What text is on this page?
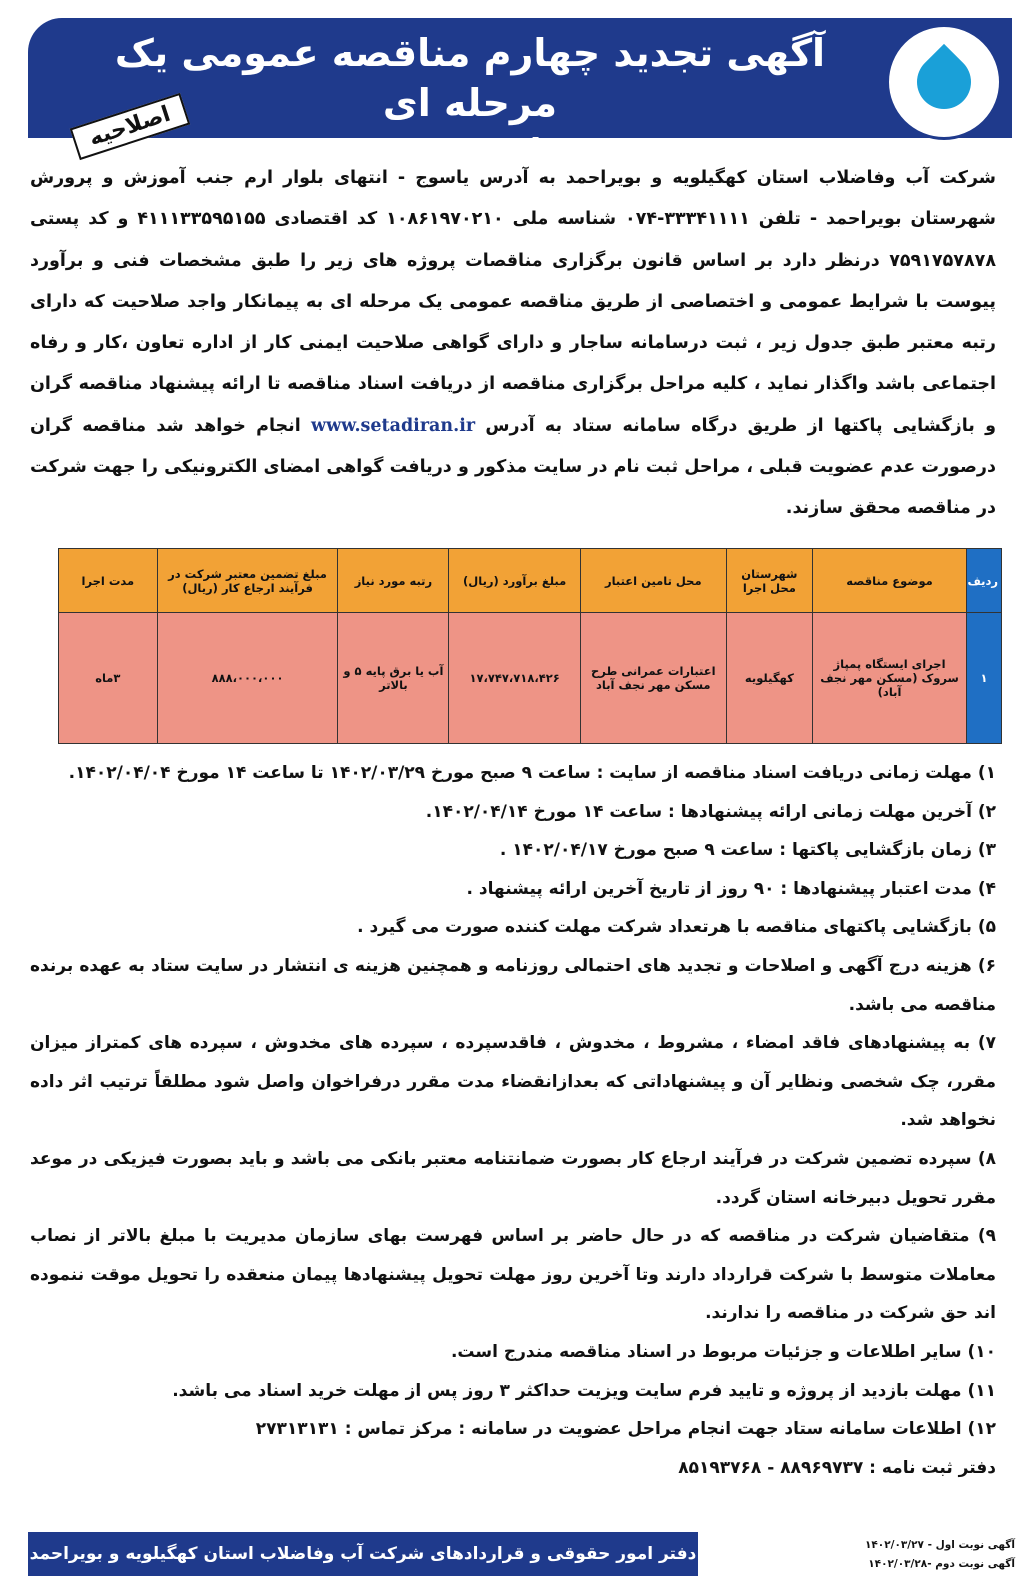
آگهی تجدید چهارم مناقصه عمومی یک مرحله ای
شماره ۱۴۰۱/۰۸
اصلاحیه
شرکت آب وفاضلاب استان کهگیلویه و بویراحمد به آدرس یاسوج - انتهای بلوار ارم جنب آموزش و پرورش شهرستان بویراحمد - تلفن ۳۳۳۴۱۱۱۱-۰۷۴ شناسه ملی ۱۰۸۶۱۹۷۰۲۱۰ کد اقتصادی ۴۱۱۱۳۳۵۹۵۱۵۵ و کد پستی ۷۵۹۱۷۵۷۸۷۸ درنظر دارد بر اساس قانون برگزاری مناقصات پروژه های زیر را طبق مشخصات فنی و برآورد پیوست با شرایط عمومی و اختصاصی از طریق مناقصه عمومی یک مرحله ای به پیمانکار واجد صلاحیت که دارای رتبه معتبر طبق جدول زیر ، ثبت درسامانه ساجار و دارای گواهی صلاحیت ایمنی کار از اداره تعاون ،کار و رفاه اجتماعی باشد واگذار نماید ، کلیه مراحل برگزاری مناقصه از دریافت اسناد مناقصه تا ارائه پیشنهاد مناقصه گران و بازگشایی پاکتها از طریق درگاه سامانه ستاد به آدرس www.setadiran.ir انجام خواهد شد مناقصه گران درصورت عدم عضویت قبلی ، مراحل ثبت نام در سایت مذکور و دریافت گواهی امضای الکترونیکی را جهت شرکت در مناقصه محقق سازند.
ردیف	موضوع مناقصه	شهرستان محل اجرا	محل تامین اعتبار	مبلغ برآورد (ریال)	رتبه مورد نیاز	مبلغ تضمین معتبر شرکت در فرآیند ارجاع کار (ریال)	مدت اجرا
۱	اجرای ایستگاه پمپاژ سروک (مسکن مهر نجف آباد)	کهگیلویه	اعتبارات عمرانی طرح مسکن مهر نجف آباد	۱۷،۷۴۷،۷۱۸،۴۲۶	آب یا برق پایه ۵ و بالاتر	۸۸۸،۰۰۰،۰۰۰	۳ماه

۱) مهلت زمانی دریافت اسناد مناقصه از سایت : ساعت ۹ صبح مورخ ۱۴۰۲/۰۳/۲۹ تا ساعت ۱۴ مورخ ۱۴۰۲/۰۴/۰۴.

۲) آخرین مهلت زمانی ارائه پیشنهادها : ساعت ۱۴ مورخ ۱۴۰۲/۰۴/۱۴.

۳) زمان بازگشایی پاکتها : ساعت ۹ صبح مورخ ۱۴۰۲/۰۴/۱۷ .

۴) مدت اعتبار پیشنهادها : ۹۰ روز از تاریخ آخرین ارائه پیشنهاد .

۵) بازگشایی پاکتهای مناقصه با هرتعداد شرکت مهلت کننده صورت می گیرد .

۶) هزینه درج آگهی و اصلاحات و تجدید های احتمالی روزنامه و همچنین هزینه ی انتشار در سایت ستاد به عهده برنده مناقصه می باشد.

۷) به پیشنهادهای فاقد امضاء ، مشروط ، مخدوش ، فاقدسپرده ، سپرده های مخدوش ، سپرده های کمتراز میزان مقرر، چک شخصی ونظایر آن و پیشنهاداتی که بعدازانقضاء مدت مقرر درفراخوان واصل شود مطلقاً ترتیب اثر داده نخواهد شد.

۸) سپرده تضمین شرکت در فرآیند ارجاع کار بصورت ضمانتنامه معتبر بانکی می باشد و باید بصورت فیزیکی در موعد مقرر تحویل دبیرخانه استان گردد.

۹) متقاضیان شرکت در مناقصه که در حال حاضر بر اساس فهرست بهای سازمان مدیریت با مبلغ بالاتر از نصاب معاملات متوسط با شرکت قرارداد دارند وتا آخرین روز مهلت تحویل پیشنهادها پیمان منعقده را تحویل موقت ننموده اند حق شرکت در مناقصه را ندارند.

۱۰) سایر اطلاعات و جزئیات مربوط در اسناد مناقصه مندرج است.

۱۱) مهلت بازدید از پروژه و تایید فرم سایت ویزیت حداکثر ۳ روز پس از مهلت خرید اسناد می باشد.

۱۲) اطلاعات سامانه ستاد جهت انجام مراحل عضویت در سامانه : مرکز تماس : ۲۷۳۱۳۱۳۱

دفتر ثبت نامه : ۸۸۹۶۹۷۳۷ - ۸۵۱۹۳۷۶۸

دفتر امور حقوقی و قراردادهای شرکت آب وفاضلاب استان کهگیلویه و بویراحمد	آگهی نوبت اول - ۱۴۰۲/۰۳/۲۷
آگهی نوبت دوم -۱۴۰۲/۰۳/۲۸
